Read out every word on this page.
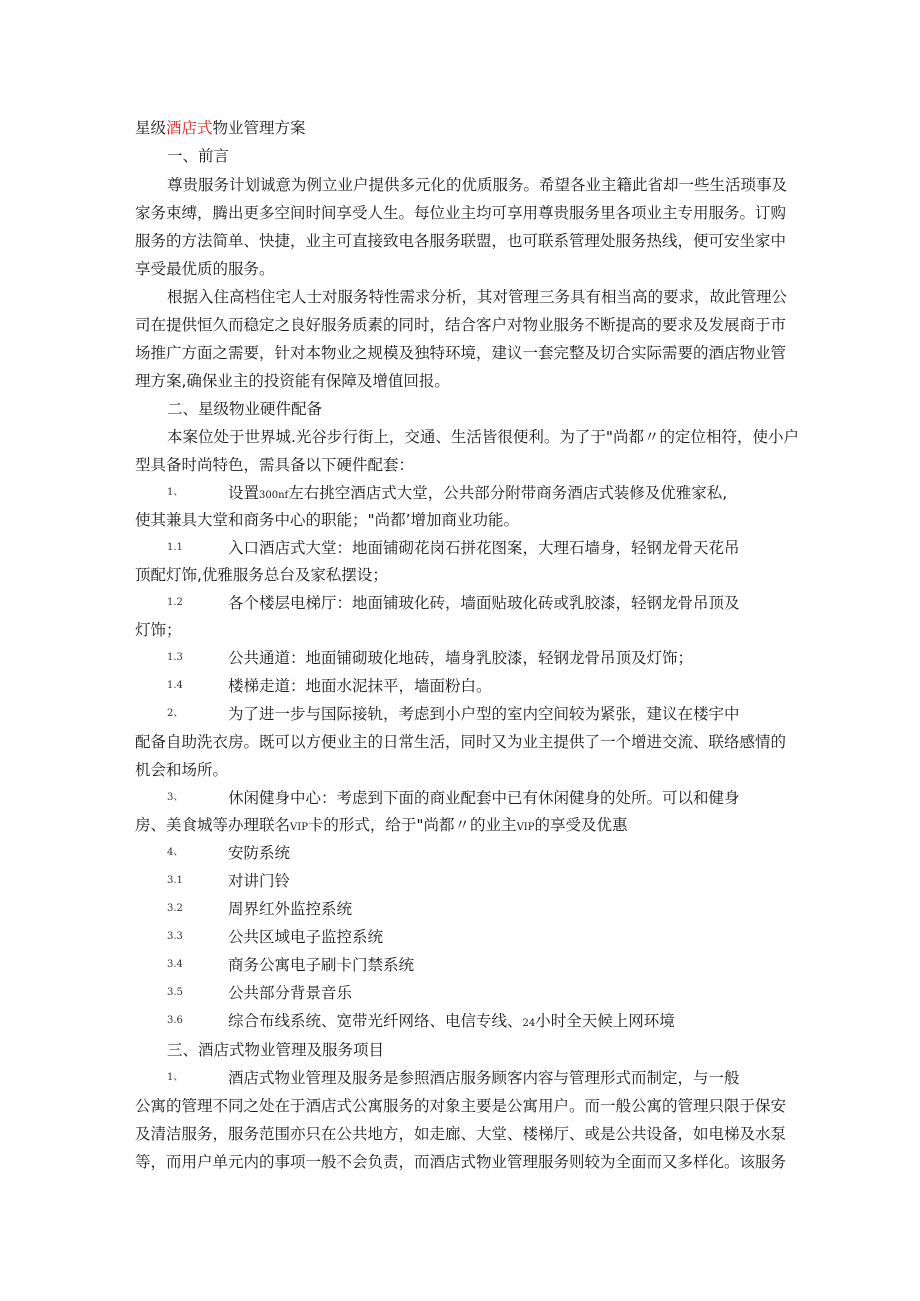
星级酒店式物业管理方案
一、前言
尊贵服务计划诚意为例立业户提供多元化的优质服务。希望各业主籍此省却一些生活琐事及
家务束缚，腾出更多空间时间享受人生。每位业主均可享用尊贵服务里各项业主专用服务。订购
服务的方法简单、快捷，业主可直接致电各服务联盟，也可联系管理处服务热线，便可安坐家中
享受最优质的服务。
根据入住高档住宅人士对服务特性需求分析，其对管理三务具有相当高的要求，故此管理公
司在提供恒久而稳定之良好服务质素的同时，结合客户对物业服务不断提高的要求及发展商于市
场推广方面之需要，针对本物业之规模及独特环境，建议一套完整及切合实际需要的酒店物业管
理方案,确保业主的投资能有保障及增值回报。
二、星级物业硬件配备
本案位处于世界城.光谷步行街上，交通、生活皆很便利。为了于"尚都〃的定位相符，使小户
型具备时尚特色，需具备以下硬件配套：
1、	设置300nf左右挑空酒店式大堂，公共部分附带商务酒店式装修及优雅家私,
使其兼具大堂和商务中心的职能；"尚都’增加商业功能。
1.1	入口酒店式大堂：地面铺砌花岗石拼花图案，大理石墙身，轻钢龙骨天花吊
顶配灯饰,优雅服务总台及家私摆设；
1.2	各个楼层电梯厅：地面铺玻化砖，墙面贴玻化砖或乳胶漆，轻钢龙骨吊顶及
灯饰；
1.3	公共通道：地面铺砌玻化地砖，墙身乳胶漆，轻钢龙骨吊顶及灯饰；
1.4	楼梯走道：地面水泥抹平，墙面粉白。
2、	为了进一步与国际接轨，考虑到小户型的室内空间较为紧张，建议在楼宇中
配备自助洗衣房。既可以方便业主的日常生活，同时又为业主提供了一个增进交流、联络感情的
机会和场所。
3、	休闲健身中心：考虑到下面的商业配套中已有休闲健身的处所。可以和健身
房、美食城等办理联名VIP卡的形式，给于"尚都〃的业主VIP的享受及优惠
4、	安防系统
3.1	对讲门铃
3.2	周界红外监控系统
3.3	公共区域电子监控系统
3.4	商务公寓电子刷卡门禁系统
3.5	公共部分背景音乐
3.6	综合布线系统、宽带光纤网络、电信专线、24小时全天候上网环境
三、酒店式物业管理及服务项目
1、	酒店式物业管理及服务是参照酒店服务顾客内容与管理形式而制定，与一般
公寓的管理不同之处在于酒店式公寓服务的对象主要是公寓用户。而一般公寓的管理只限于保安
及清洁服务，服务范围亦只在公共地方，如走廊、大堂、楼梯厅、或是公共设备，如电梯及水泵
等，而用户单元内的事项一般不会负责，而酒店式物业管理服务则较为全面而又多样化。该服务
